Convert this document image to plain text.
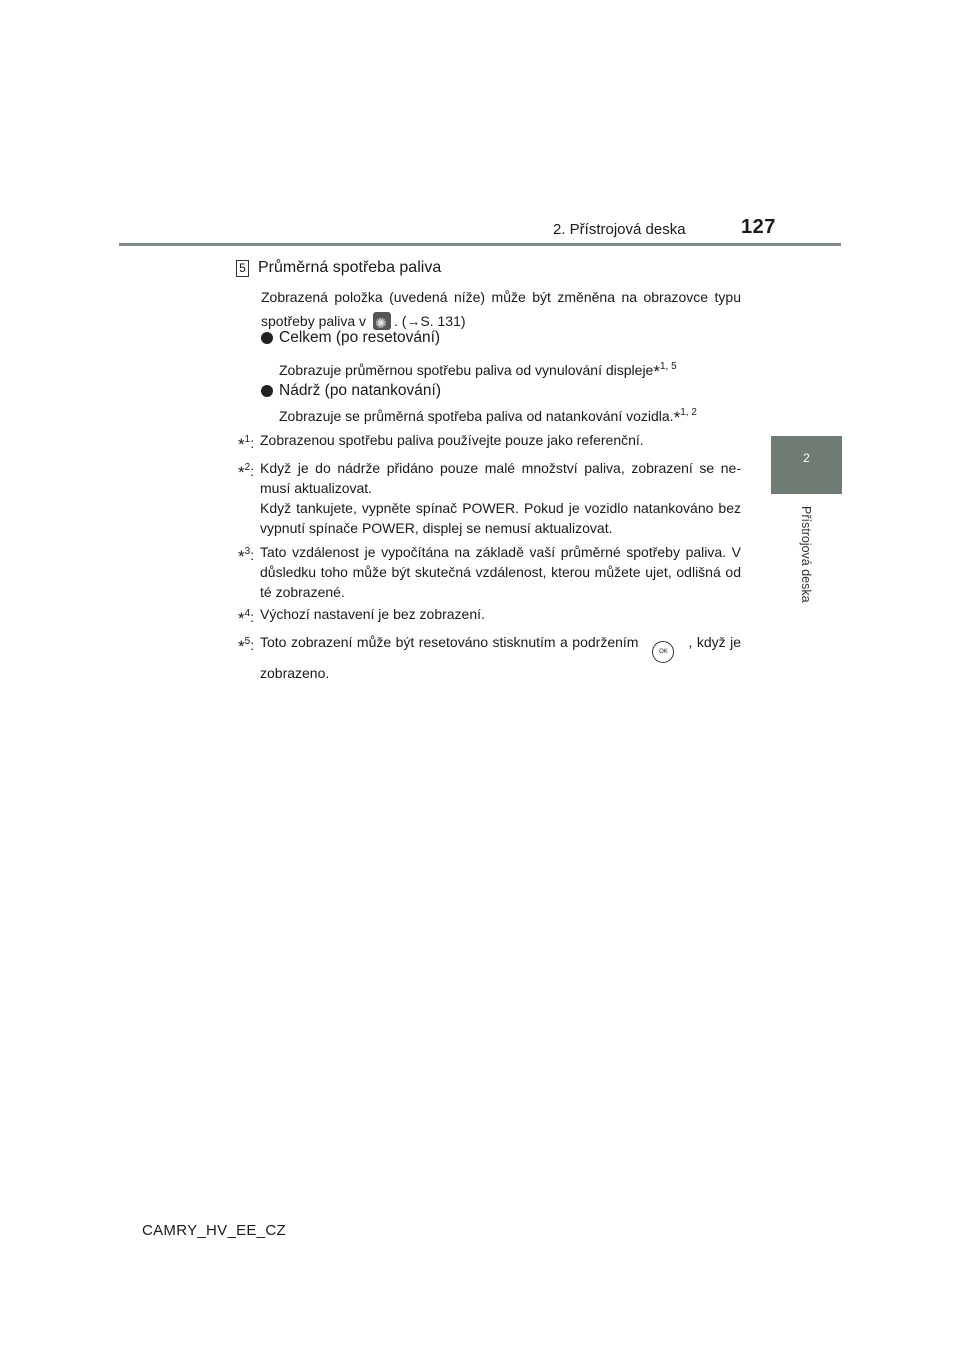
2. Přístrojová deska	127
2
Přístrojová deska
5 Průměrná spotřeba paliva
Zobrazená položka (uvedená níže) může být změněna na obrazovce typu spotřeby paliva v ✺ . (→S. 131)
Celkem (po resetování)
Zobrazuje průměrnou spotřebu paliva od vynulování displeje*$^{1, 5}$
Nádrž (po natankování)
Zobrazuje se průměrná spotřeba paliva od natankování vozidla.*$^{1, 2}$
*$^1$: Zobrazenou spotřebu paliva používejte pouze jako referenční.
*$^2$: Když je do nádrže přidáno pouze malé množství paliva, zobrazení se ne-musí aktualizovat.
Když tankujete, vypněte spínač POWER. Pokud je vozidlo natankováno bez vypnutí spínače POWER, displej se nemusí aktualizovat.
*$^3$: Tato vzdálenost je vypočítána na základě vaší průměrné spotřeby paliva. V důsledku toho může být skutečná vzdálenost, kterou můžete ujet, odlišná od té zobrazené.
*$^4$: Výchozí nastavení je bez zobrazení.
*$^5$: Toto zobrazení může být resetováno stisknutím a podrženímOK, když je zobrazeno.
CAMRY_HV_EE_CZ
